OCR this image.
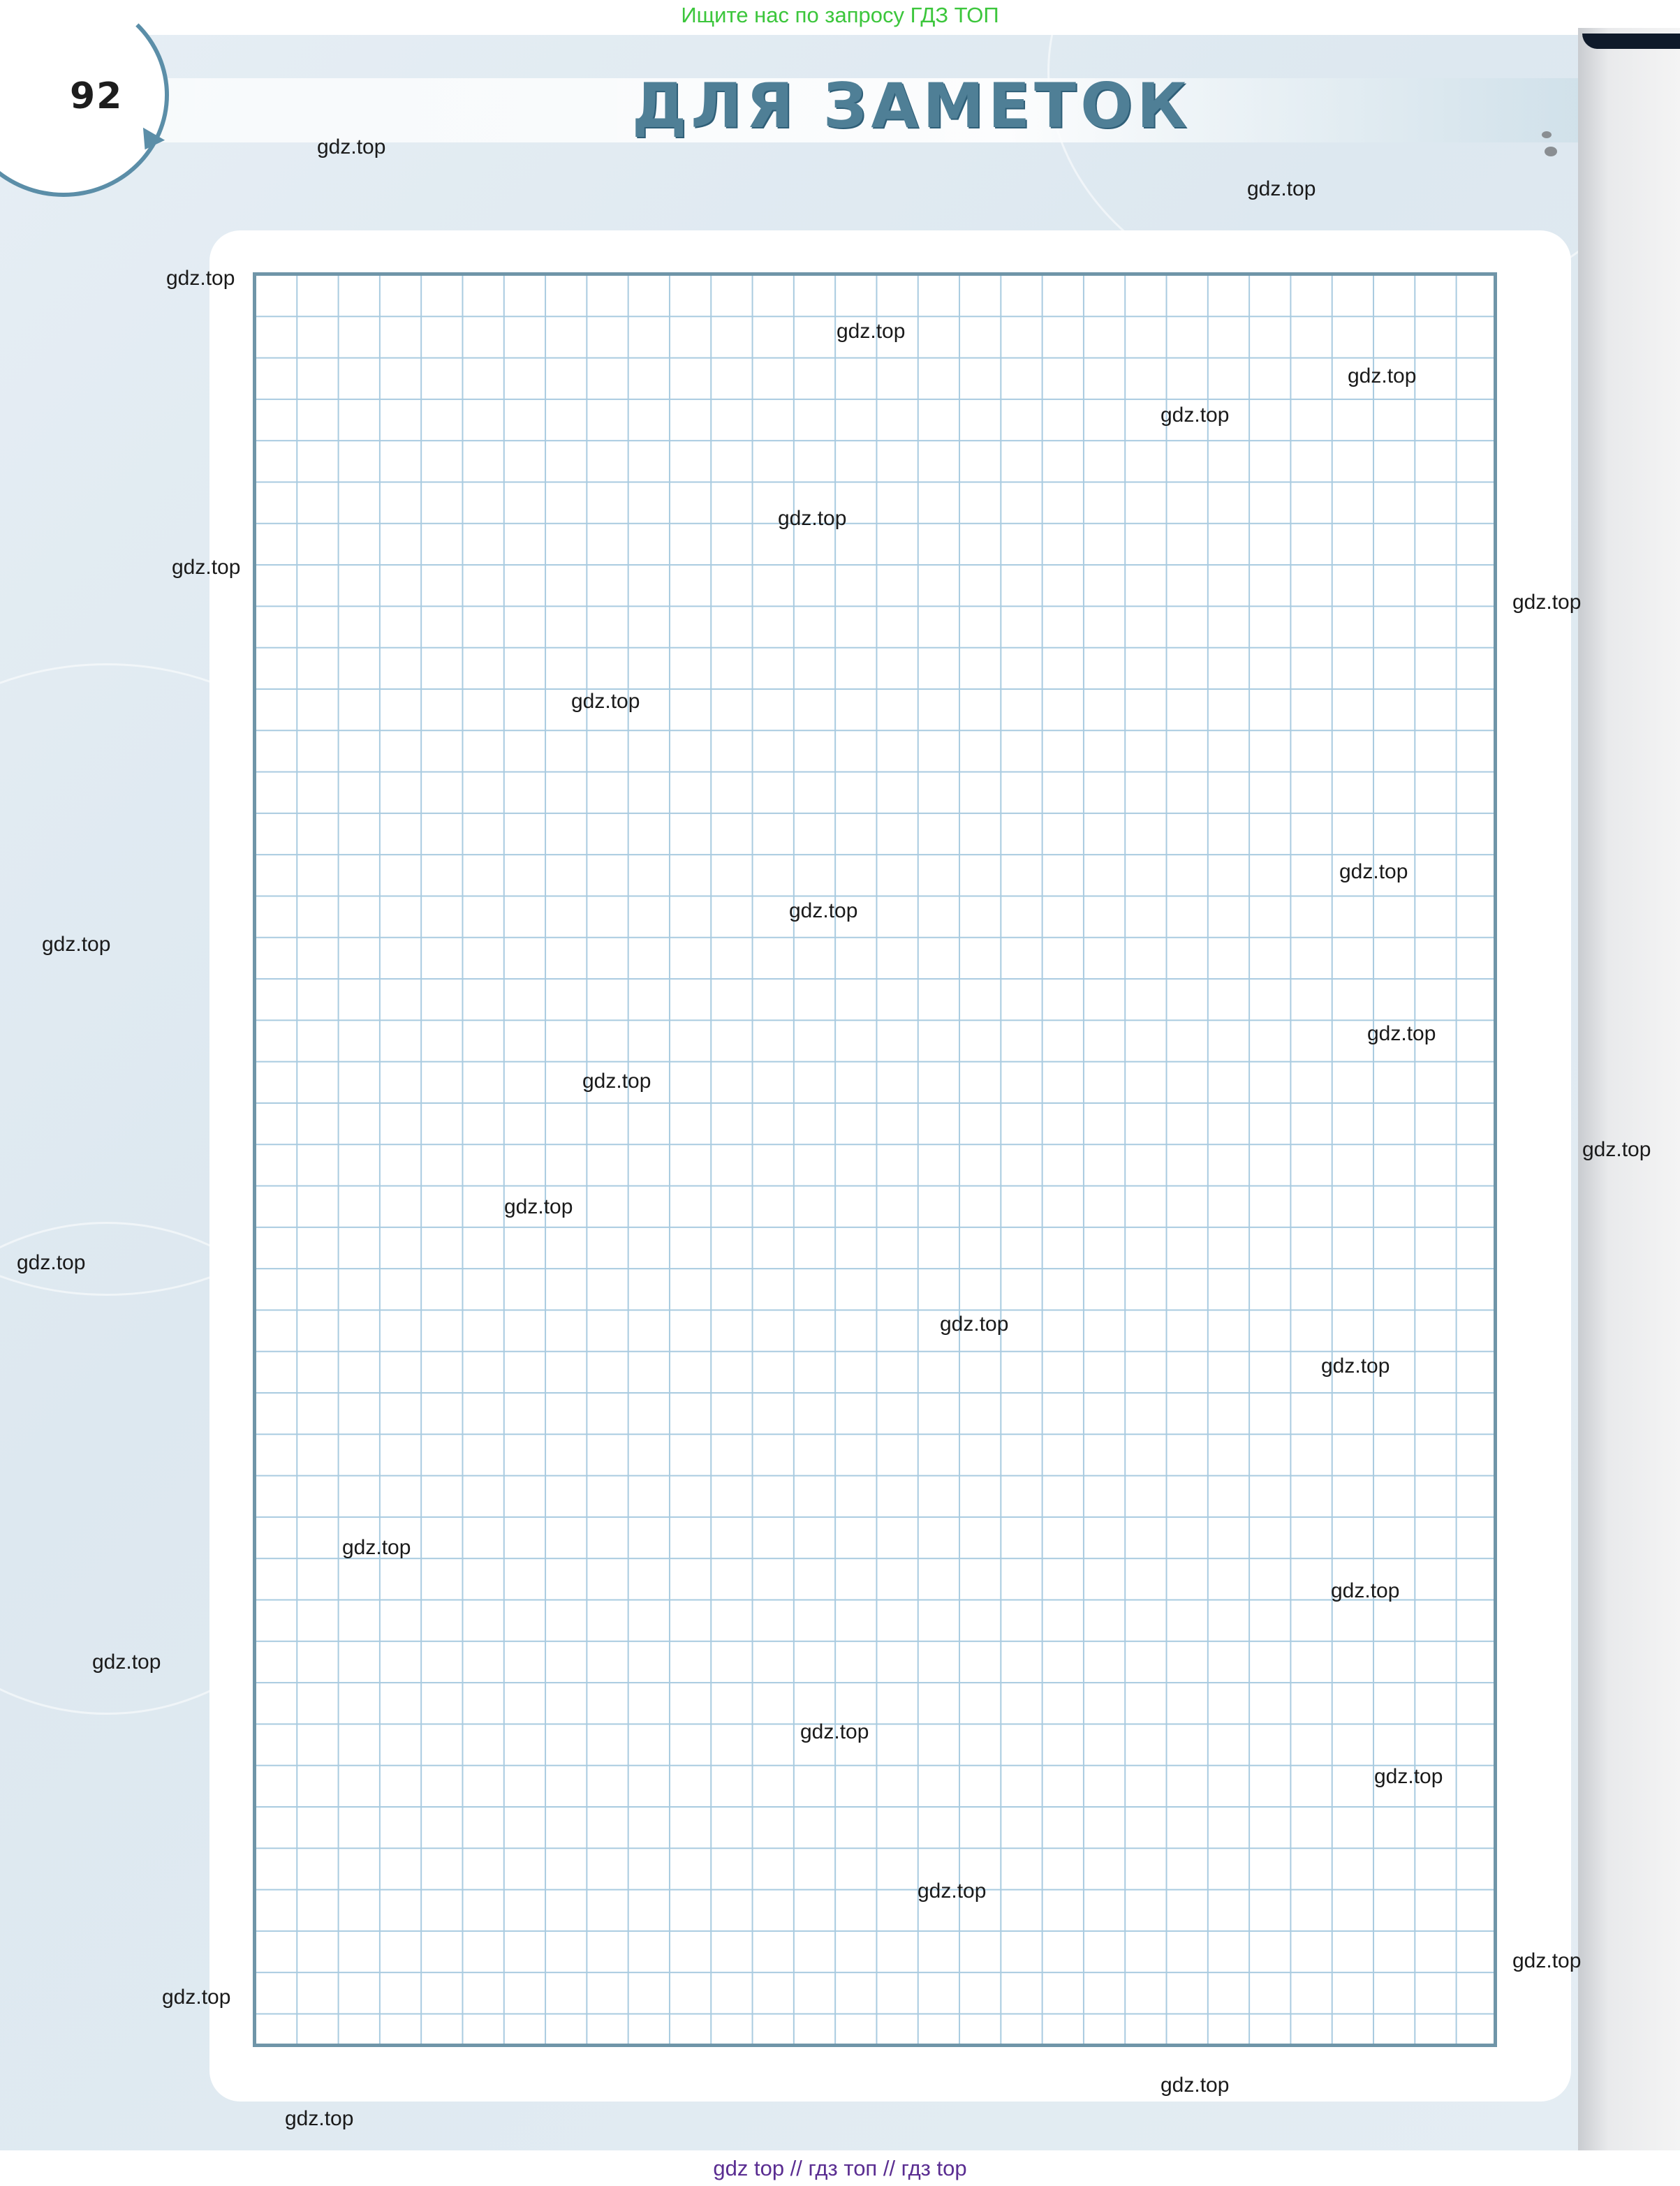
Ищите нас по запросу ГДЗ ТОП
92	ДЛЯ ЗАМЕТОК
gdz.top
gdz.top
gdz.top
gdz.top
gdz.top
gdz.top
gdz.top
gdz.top
gdz.top
gdz.top
gdz.top
gdz.top
gdz.top
gdz.top
gdz.top
gdz.top
gdz.top
gdz.top
gdz.top
gdz.top
gdz.top
gdz.top
gdz.top
gdz.top
gdz.top
gdz.top
gdz.top
gdz.top
gdz.top
gdz.top
gdz top // гдз топ // гдз top
